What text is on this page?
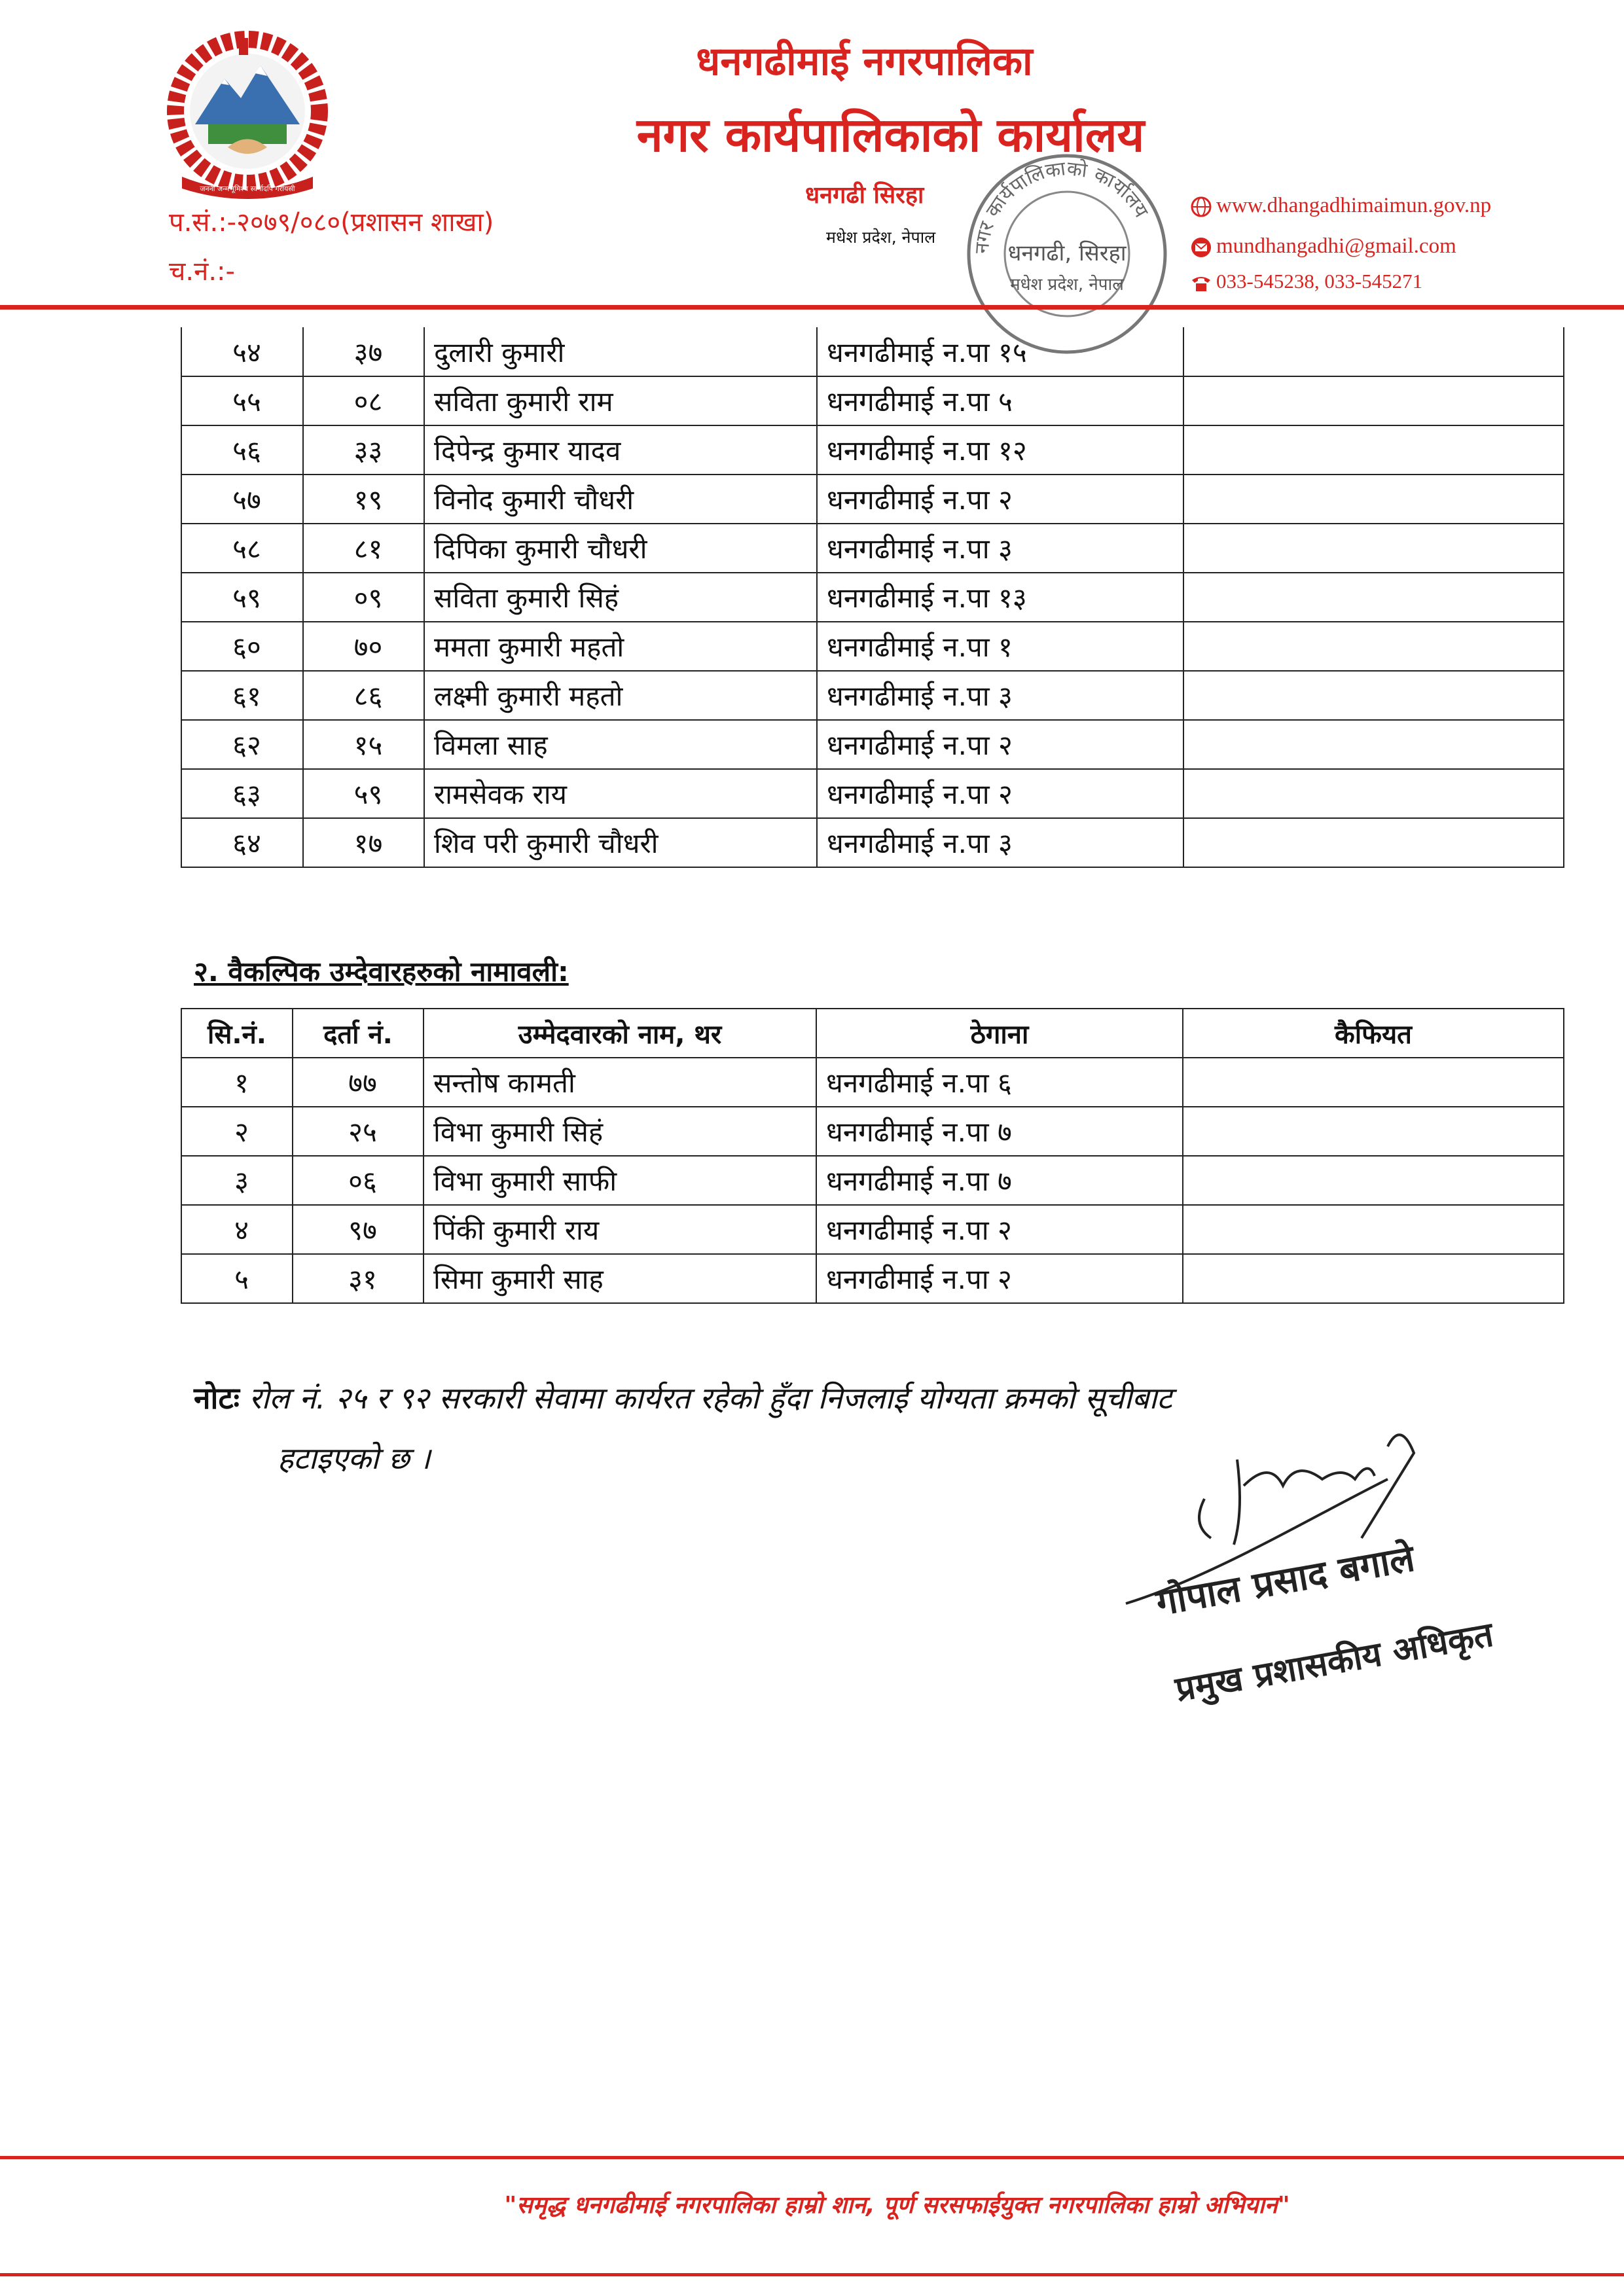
जननी जन्मभूमिश्च स्वर्गादपि गरीयसी
धनगढीमाई नगरपालिका
नगर कार्यपालिकाको कार्यालय
धनगढी सिरहा
मधेश प्रदेश, नेपाल
प.सं.:-२०७९/०८०(प्रशासन शाखा)
च.नं.:-
www.dhangadhimaimun.gov.np
mundhangadhi@gmail.com
033-545238, 033-545271
नगर कार्यपालिकाको कार्यालय
धनगढी, सिरहा
मधेश प्रदेश, नेपाल
५४	३७	दुलारी कुमारी	धनगढीमाई न.पा १५	
५५	०८	सविता कुमारी राम	धनगढीमाई न.पा ५	
५६	३३	दिपेन्द्र कुमार यादव	धनगढीमाई न.पा १२	
५७	१९	विनोद कुमारी चौधरी	धनगढीमाई न.पा २	
५८	८१	दिपिका कुमारी चौधरी	धनगढीमाई न.पा ३	
५९	०९	सविता कुमारी सिहं	धनगढीमाई न.पा १३	
६०	७०	ममता कुमारी महतो	धनगढीमाई न.पा १	
६१	८६	लक्ष्मी कुमारी महतो	धनगढीमाई न.पा ३	
६२	१५	विमला साह	धनगढीमाई न.पा २	
६३	५९	रामसेवक राय	धनगढीमाई न.पा २	
६४	१७	शिव परी कुमारी चौधरी	धनगढीमाई न.पा ३	
२. वैकल्पिक उम्देवारहरुको नामावली:
सि.नं.	दर्ता नं.	उम्मेदवारको नाम, थर	ठेगाना	कैफियत
१	७७	सन्तोष कामती	धनगढीमाई न.पा ६	
२	२५	विभा कुमारी सिहं	धनगढीमाई न.पा ७	
३	०६	विभा कुमारी साफी	धनगढीमाई न.पा ७	
४	९७	पिंकी कुमारी राय	धनगढीमाई न.पा २	
५	३१	सिमा कुमारी साह	धनगढीमाई न.पा २	
नोटः रोल नं. २५ र ९२ सरकारी सेवामा कार्यरत रहेको हुँदा निजलाई योग्यता क्रमको सूचीबाट
हटाइएको छ ।
गोपाल प्रसाद बगाले
प्रमुख प्रशासकीय अधिकृत
"समृद्ध धनगढीमाई नगरपालिका हाम्रो शान, पूर्ण सरसफाईयुक्त नगरपालिका हाम्रो अभियान"
